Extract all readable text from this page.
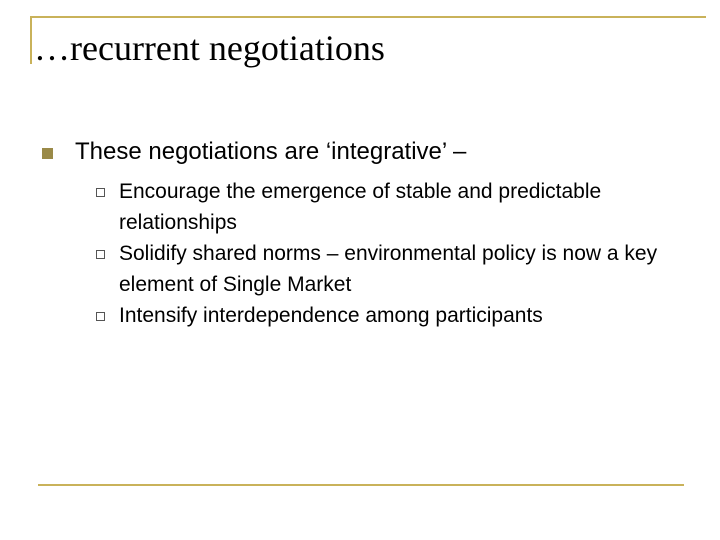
…recurrent negotiations
These negotiations are ‘integrative’ –
Encourage the emergence of stable and predictable relationships
Solidify shared norms – environmental policy is now a key element of Single Market
Intensify interdependence among participants
